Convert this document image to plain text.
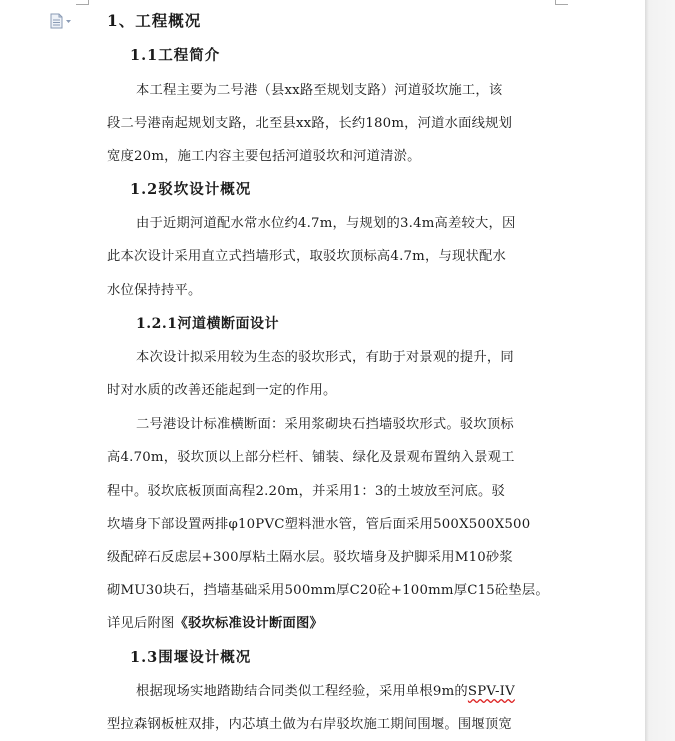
1、工程概况
1.1工程简介
本工程主要为二号港（县xx路至规划支路）河道驳坎施工，该
段二号港南起规划支路，北至县xx路，长约180m，河道水面线规划
宽度20m，施工内容主要包括河道驳坎和河道清淤。
1.2驳坎设计概况
由于近期河道配水常水位约4.7m，与规划的3.4m高差较大，因
此本次设计采用直立式挡墙形式，取驳坎顶标高4.7m，与现状配水
水位保持持平。
1.2.1河道横断面设计
本次设计拟采用较为生态的驳坎形式，有助于对景观的提升，同
时对水质的改善还能起到一定的作用。
二号港设计标准横断面：采用浆砌块石挡墙驳坎形式。驳坎顶标
高4.70m，驳坎顶以上部分栏杆、铺装、绿化及景观布置纳入景观工
程中。驳坎底板顶面高程2.20m，并采用1：3的土坡放至河底。驳
坎墙身下部设置两排φ10PVC塑料泄水管，管后面采用500X500X500
级配碎石反虑层+300厚粘土隔水层。驳坎墙身及护脚采用M10砂浆
砌MU30块石，挡墙基础采用500mm厚C20砼+100mm厚C15砼垫层。
详见后附图《驳坎标准设计断面图》
1.3围堰设计概况
根据现场实地踏勘结合同类似工程经验，采用单根9m的SPV-IV
型拉森钢板桩双排，内芯填土做为右岸驳坎施工期间围堰。围堰顶宽
